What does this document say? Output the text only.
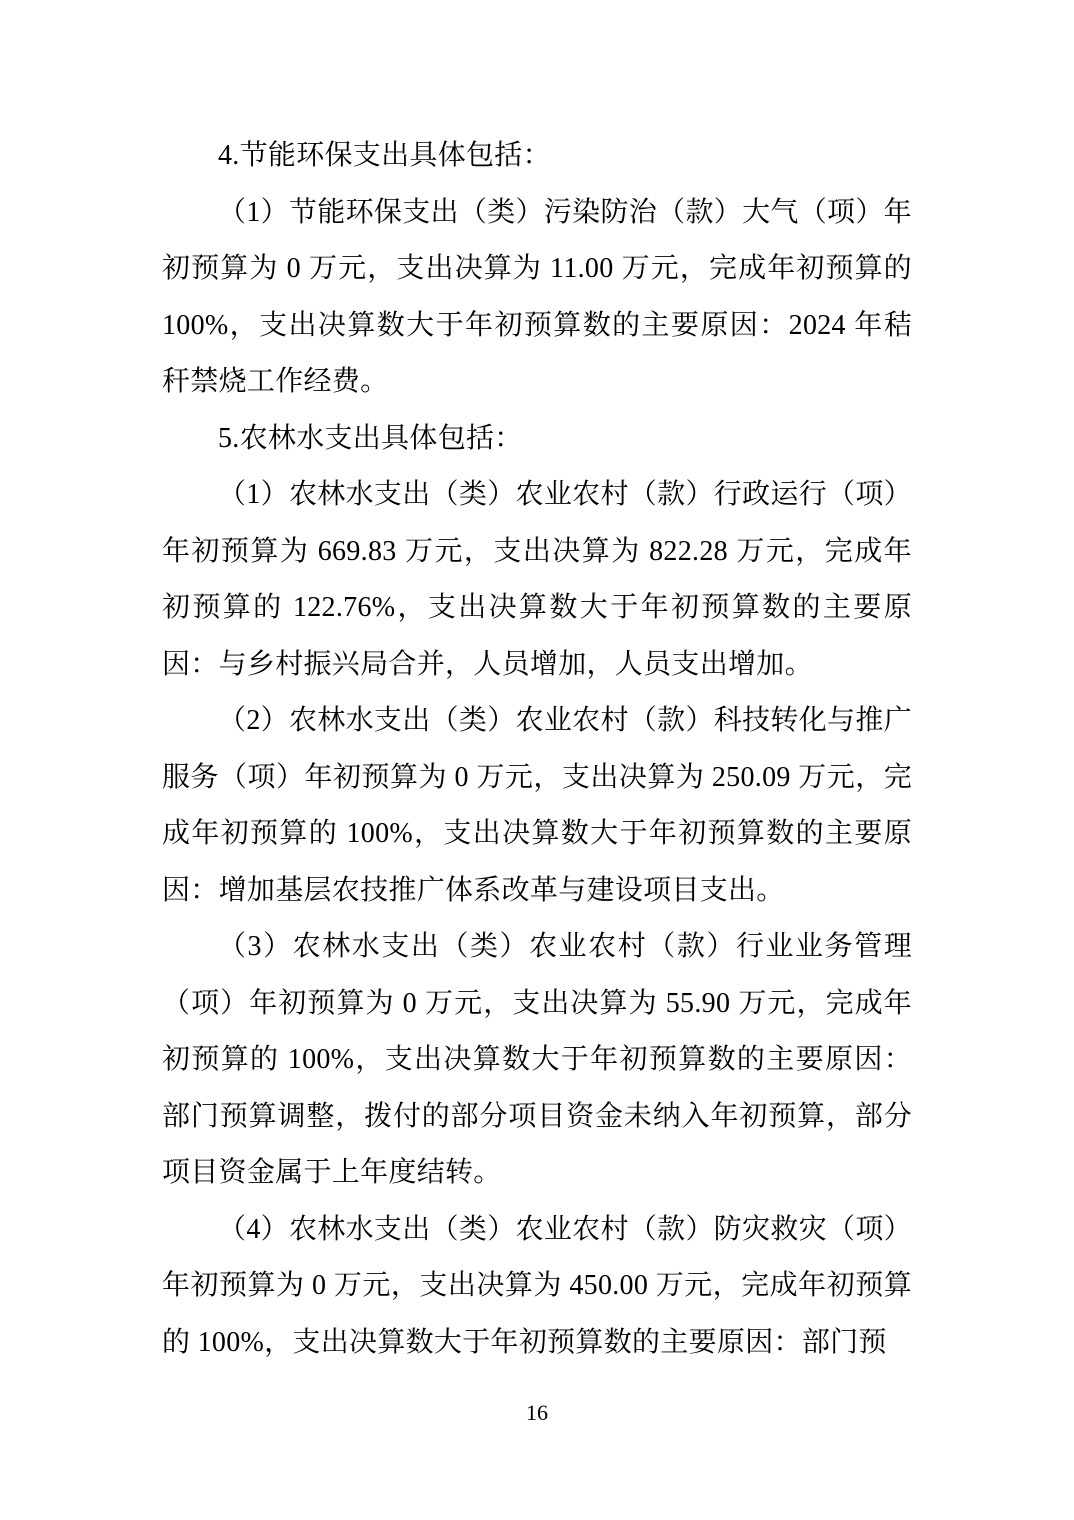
4.节能环保支出具体包括：

（1）节能环保支出（类）污染防治（款）大气（项）年初预算为 0 万元，支出决算为 11.00 万元，完成年初预算的 100%，支出决算数大于年初预算数的主要原因：2024 年秸秆禁烧工作经费。

5.农林水支出具体包括：

（1）农林水支出（类）农业农村（款）行政运行（项）年初预算为 669.83 万元，支出决算为 822.28 万元，完成年初预算的 122.76%，支出决算数大于年初预算数的主要原因：与乡村振兴局合并，人员增加，人员支出增加。

（2）农林水支出（类）农业农村（款）科技转化与推广服务（项）年初预算为 0 万元，支出决算为 250.09 万元，完成年初预算的 100%，支出决算数大于年初预算数的主要原因：增加基层农技推广体系改革与建设项目支出。

（3）农林水支出（类）农业农村（款）行业业务管理（项）年初预算为 0 万元，支出决算为 55.90 万元，完成年初预算的 100%，支出决算数大于年初预算数的主要原因：部门预算调整，拨付的部分项目资金未纳入年初预算，部分项目资金属于上年度结转。

（4）农林水支出（类）农业农村（款）防灾救灾（项）年初预算为 0 万元，支出决算为 450.00 万元，完成年初预算的 100%，支出决算数大于年初预算数的主要原因：部门预

16
